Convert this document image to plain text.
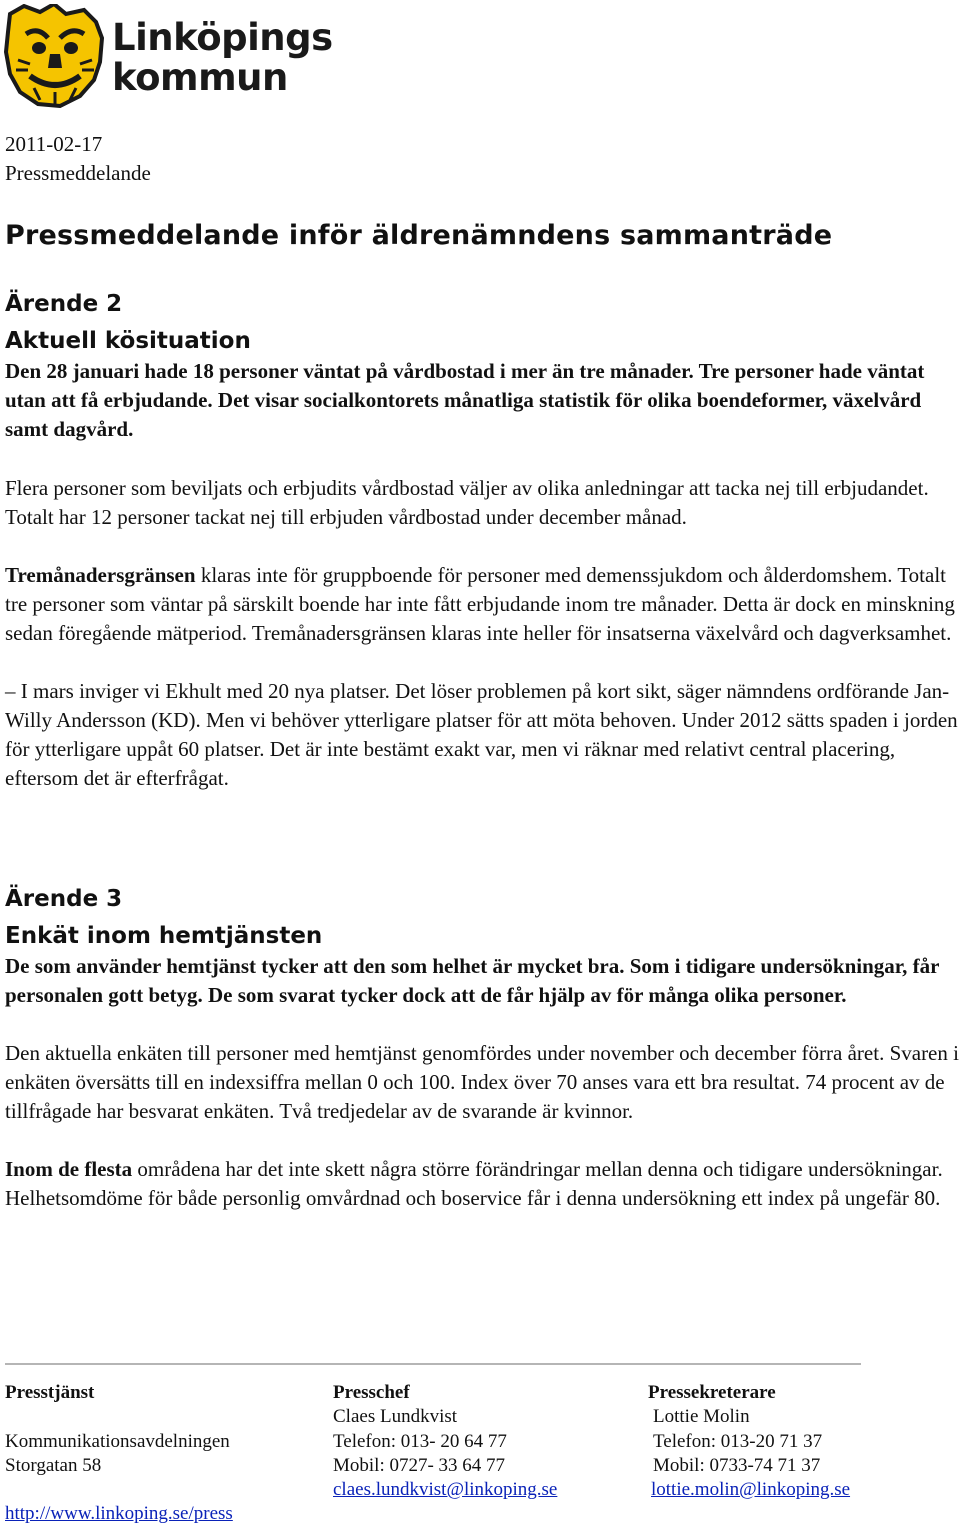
Linköpings
kommun
2011-02-17
Pressmeddelande
Pressmeddelande inför äldrenämndens sammanträde
Ärende 2
Aktuell kösituation

Den 28 januari hade 18 personer väntat på vårdbostad i mer än tre månader. Tre personer hade väntat utan att få erbjudande. Det visar socialkontorets månatliga statistik för olika boendeformer, växelvård samt dagvård.

Flera personer som beviljats och erbjudits vårdbostad väljer av olika anledningar att tacka nej till erbjudandet. Totalt har 12 personer tackat nej till erbjuden vårdbostad under december månad.

Tremånadersgränsen klaras inte för gruppboende för personer med demenssjukdom och ålderdomshem. Totalt tre personer som väntar på särskilt boende har inte fått erbjudande inom tre månader. Detta är dock en minskning sedan föregående mätperiod. Tremånadersgränsen klaras inte heller för insatserna växelvård och dagverksamhet.

– I mars inviger vi Ekhult med 20 nya platser. Det löser problemen på kort sikt, säger nämndens ordförande Jan-Willy Andersson (KD). Men vi behöver ytterligare platser för att möta behoven. Under 2012 sätts spaden i jorden för ytterligare uppåt 60 platser. Det är inte bestämt exakt var, men vi räknar med relativt central placering, eftersom det är efterfrågat.

Ärende 3
Enkät inom hemtjänsten

De som använder hemtjänst tycker att den som helhet är mycket bra. Som i tidigare undersökningar, får personalen gott betyg. De som svarat tycker dock att de får hjälp av för många olika personer.

Den aktuella enkäten till personer med hemtjänst genomfördes under november och december förra året. Svaren i enkäten översätts till en indexsiffra mellan 0 och 100. Index över 70 anses vara ett bra resultat. 74 procent av de tillfrågade har besvarat enkäten. Två tredjedelar av de svarande är kvinnor.

Inom de flesta områdena har det inte skett några större förändringar mellan denna och tidigare undersökningar. Helhetsomdöme för både personlig omvårdnad och boservice får i denna undersökning ett index på ungefär 80.

Presstjänst

Kommunikationsavdelningen
Storgatan 58

http://www.linkoping.se/press
Presschef
Claes Lundkvist
Telefon: 013- 20 64 77
Mobil: 0727- 33 64 77
claes.lundkvist@linkoping.se
Pressekreterare
Lottie Molin
Telefon: 013-20 71 37
Mobil: 0733-74 71 37
lottie.molin@linkoping.se
